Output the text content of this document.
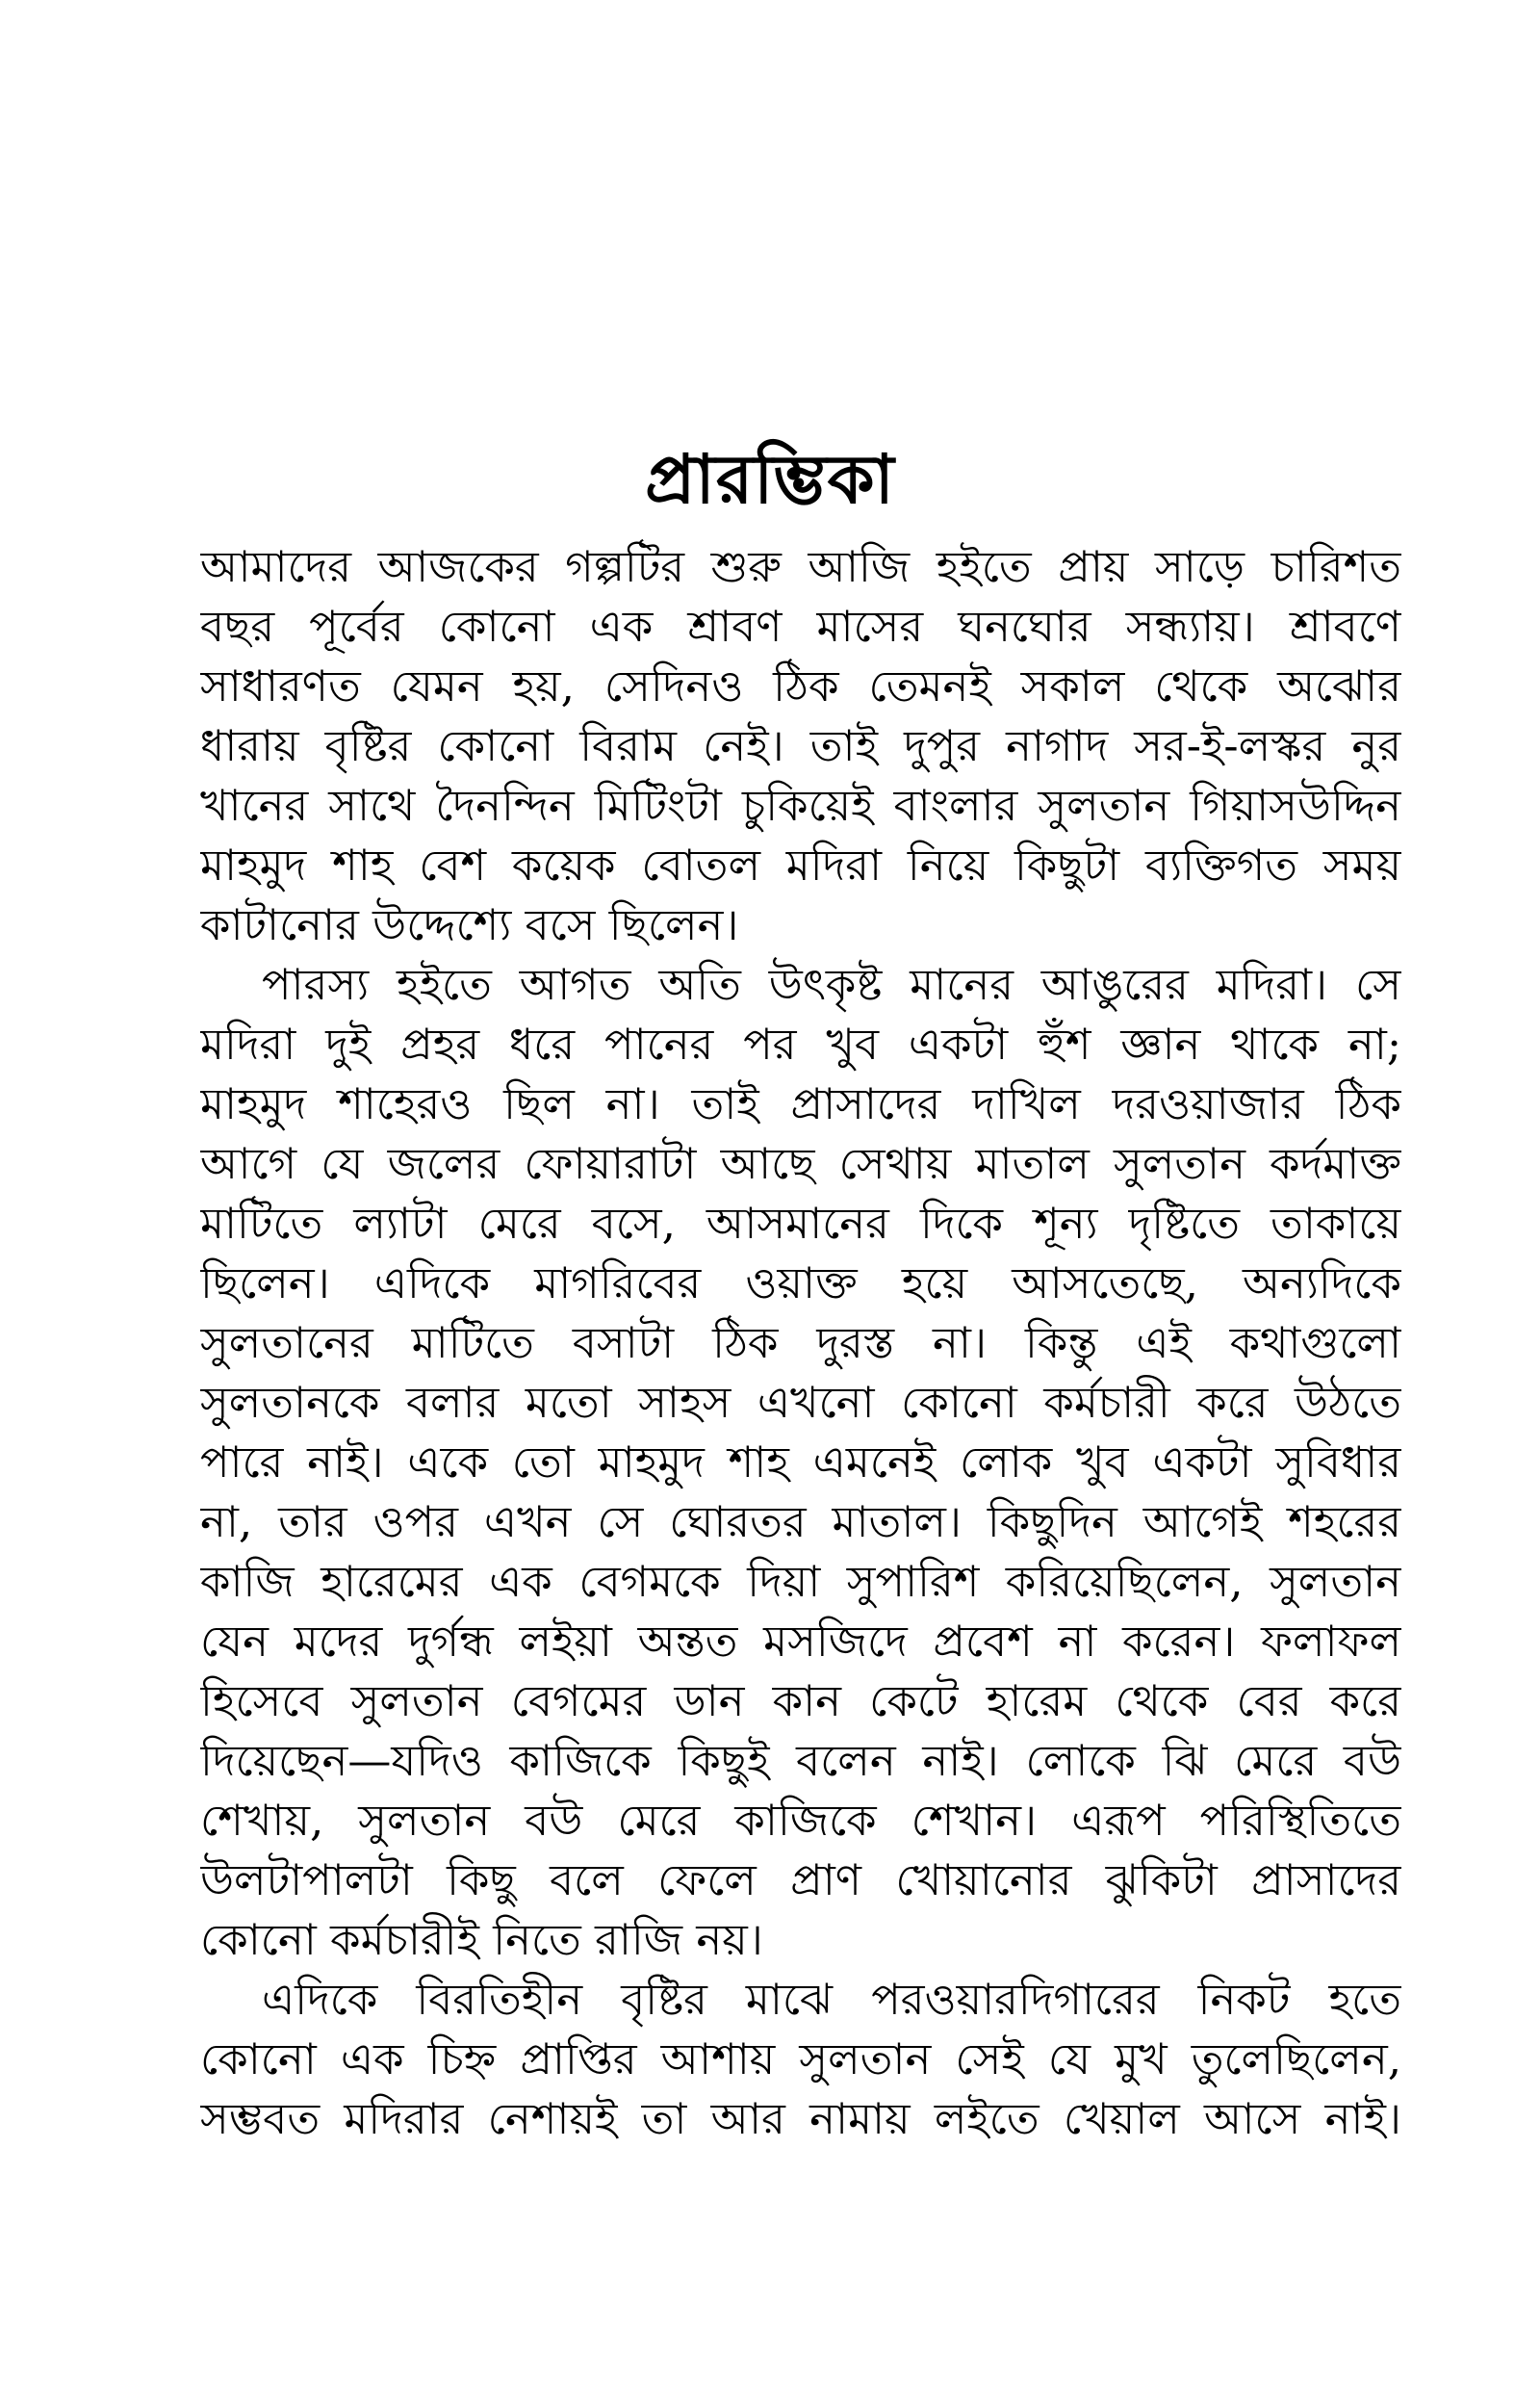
প্রারম্ভিকা
আমাদের আজকের গল্পটির শুরু আজি হইতে প্রায় সাড়ে চারিশত
বছর পূর্বের কোনো এক শ্রাবণ মাসের ঘনঘোর সন্ধ্যায়। শ্রাবণে
সাধারণত যেমন হয়, সেদিনও ঠিক তেমনই সকাল থেকে অঝোর
ধারায় বৃষ্টির কোনো বিরাম নেই। তাই দুপুর নাগাদ সর-ই-লস্কর নুর
খানের সাথে দৈনন্দিন মিটিংটা চুকিয়েই বাংলার সুলতান গিয়াসউদ্দিন
মাহমুদ শাহ বেশ কয়েক বোতল মদিরা নিয়ে কিছুটা ব্যক্তিগত সময়
কাটানোর উদ্দেশ্যে বসে ছিলেন।
পারস্য হইতে আগত অতি উৎকৃষ্ট মানের আঙুরের মদিরা। সে
মদিরা দুই প্রহর ধরে পানের পর খুব একটা হুঁশ জ্ঞান থাকে না;
মাহমুদ শাহেরও ছিল না। তাই প্রাসাদের দাখিল দরওয়াজার ঠিক
আগে যে জলের ফোয়ারাটা আছে সেথায় মাতাল সুলতান কর্দমাক্ত
মাটিতে ল্যাটা মেরে বসে, আসমানের দিকে শূন্য দৃষ্টিতে তাকায়ে
ছিলেন। এদিকে মাগরিবের ওয়াক্ত হয়ে আসতেছে, অন্যদিকে
সুলতানের মাটিতে বসাটা ঠিক দুরস্ত না। কিন্তু এই কথাগুলো
সুলতানকে বলার মতো সাহস এখনো কোনো কর্মচারী করে উঠতে
পারে নাই। একে তো মাহমুদ শাহ এমনেই লোক খুব একটা সুবিধার
না, তার ওপর এখন সে ঘোরতর মাতাল। কিছুদিন আগেই শহরের
কাজি হারেমের এক বেগমকে দিয়া সুপারিশ করিয়েছিলেন, সুলতান
যেন মদের দুর্গন্ধ লইয়া অন্তত মসজিদে প্রবেশ না করেন। ফলাফল
হিসেবে সুলতান বেগমের ডান কান কেটে হারেম থেকে বের করে
দিয়েছেন—যদিও কাজিকে কিছুই বলেন নাই। লোকে ঝি মেরে বউ
শেখায়, সুলতান বউ মেরে কাজিকে শেখান। এরূপ পরিস্থিতিতে
উলটাপালটা কিছু বলে ফেলে প্রাণ খোয়ানোর ঝুকিটা প্রাসাদের
কোনো কর্মচারীই নিতে রাজি নয়।
এদিকে বিরতিহীন বৃষ্টির মাঝে পরওয়ারদিগারের নিকট হতে
কোনো এক চিহ্ন প্রাপ্তির আশায় সুলতান সেই যে মুখ তুলেছিলেন,
সম্ভবত মদিরার নেশায়ই তা আর নামায় লইতে খেয়াল আসে নাই।
